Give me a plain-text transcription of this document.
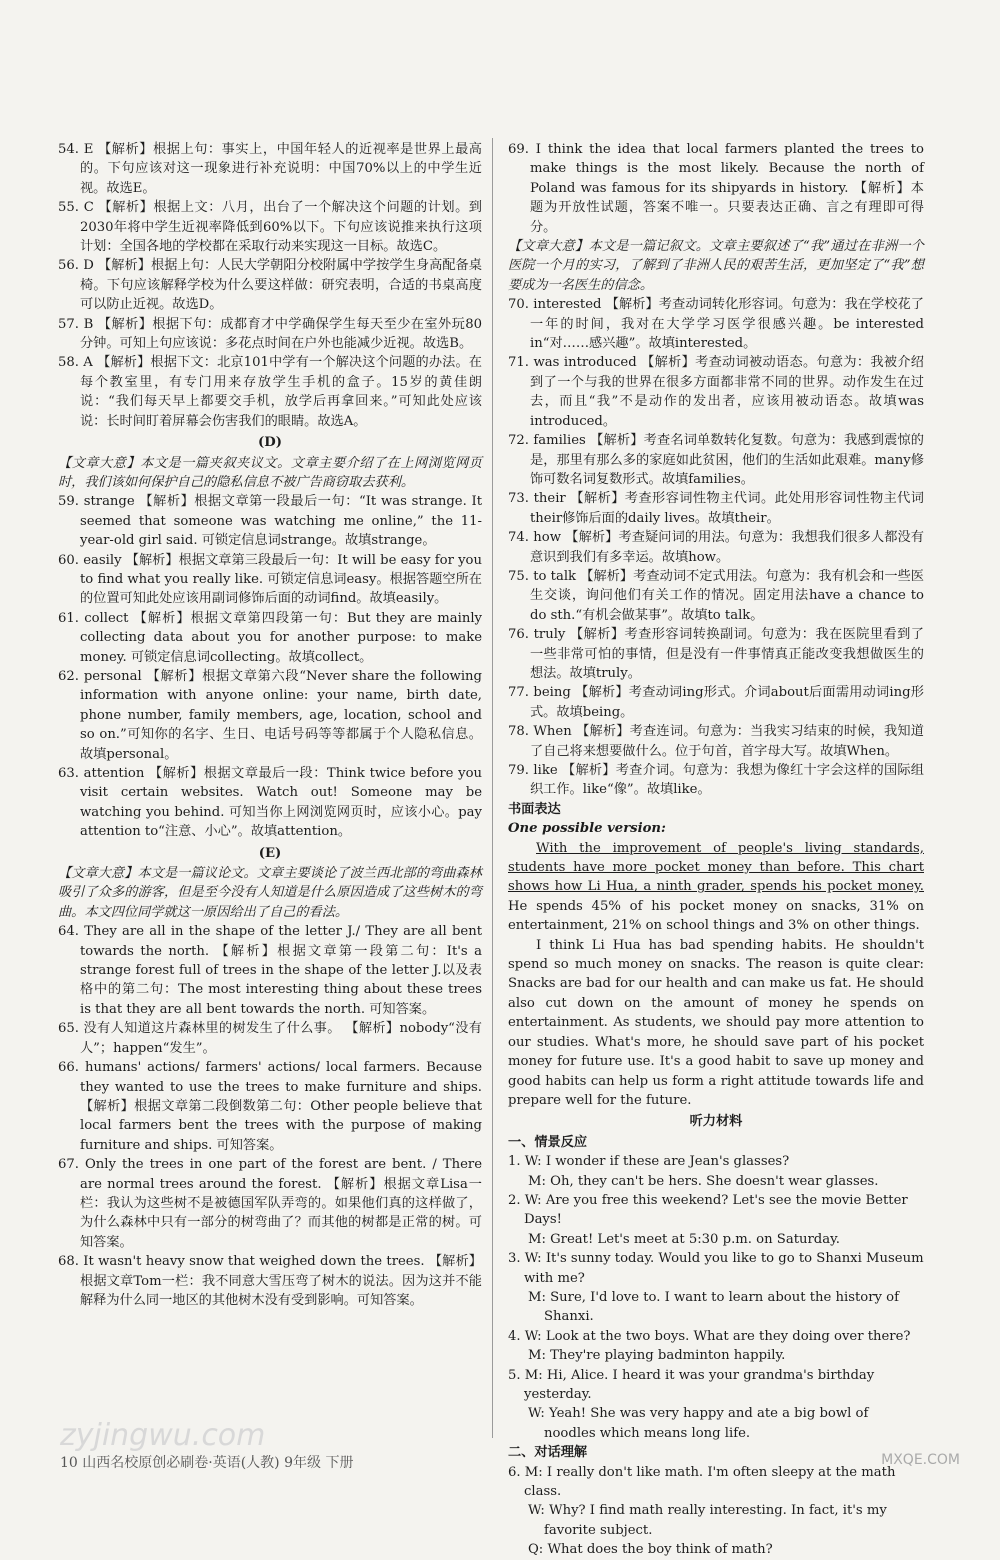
54. E 【解析】根据上句：事实上，中国年轻人的近视率是世界上最高的。下句应该对这一现象进行补充说明：中国70%以上的中学生近视。故选E。

55. C 【解析】根据上文：八月，出台了一个解决这个问题的计划。到2030年将中学生近视率降低到60%以下。下句应该说推来执行这项计划：全国各地的学校都在采取行动来实现这一目标。故选C。

56. D 【解析】根据上句：人民大学朝阳分校附属中学按学生身高配备桌椅。下句应该解释学校为什么要这样做：研究表明，合适的书桌高度可以防止近视。故选D。

57. B 【解析】根据下句：成都育才中学确保学生每天至少在室外玩80分钟。可知上句应该说：多花点时间在户外也能减少近视。故选B。

58. A 【解析】根据下文：北京101中学有一个解决这个问题的办法。在每个教室里，有专门用来存放学生手机的盒子。15岁的黄佳朗说：“我们每天早上都要交手机，放学后再拿回来。”可知此处应该说：长时间盯着屏幕会伤害我们的眼睛。故选A。

(D)

【文章大意】本文是一篇夹叙夹议文。文章主要介绍了在上网浏览网页时，我们该如何保护自己的隐私信息不被广告商窃取去获利。

59. strange 【解析】根据文章第一段最后一句：“It was strange. It seemed that someone was watching me online,” the 11- year-old girl said. 可锁定信息词strange。故填strange。

60. easily 【解析】根据文章第三段最后一句：It will be easy for you to find what you really like. 可锁定信息词easy。根据答题空所在的位置可知此处应该用副词修饰后面的动词find。故填easily。

61. collect 【解析】根据文章第四段第一句：But they are mainly collecting data about you for another purpose: to make money. 可锁定信息词collecting。故填collect。

62. personal 【解析】根据文章第六段“Never share the following information with anyone online: your name, birth date, phone number, family members, age, location, school and so on.”可知你的名字、生日、电话号码等等都属于个人隐私信息。故填personal。

63. attention 【解析】根据文章最后一段：Think twice before you visit certain websites. Watch out! Someone may be watching you behind. 可知当你上网浏览网页时，应该小心。pay attention to“注意、小心”。故填attention。

(E)

【文章大意】本文是一篇议论文。文章主要谈论了波兰西北部的弯曲森林吸引了众多的游客，但是至今没有人知道是什么原因造成了这些树木的弯曲。本文四位同学就这一原因给出了自己的看法。

64. They are all in the shape of the letter J./ They are all bent towards the north. 【解析】根据文章第一段第二句：It's a strange forest full of trees in the shape of the letter J.以及表格中的第二句：The most interesting thing about these trees is that they are all bent towards the north. 可知答案。

65. 没有人知道这片森林里的树发生了什么事。 【解析】nobody“没有人”；happen“发生”。

66. humans' actions/ farmers' actions/ local farmers. Because they wanted to use the trees to make furniture and ships. 【解析】根据文章第二段倒数第二句：Other people believe that local farmers bent the trees with the purpose of making furniture and ships. 可知答案。

67. Only the trees in one part of the forest are bent. / There are normal trees around the forest. 【解析】根据文章Lisa一栏：我认为这些树不是被德国军队弄弯的。如果他们真的这样做了，为什么森林中只有一部分的树弯曲了？而其他的树都是正常的树。可知答案。

68. It wasn't heavy snow that weighed down the trees. 【解析】根据文章Tom一栏：我不同意大雪压弯了树木的说法。因为这并不能解释为什么同一地区的其他树木没有受到影响。可知答案。

69. I think the idea that local farmers planted the trees to make things is the most likely. Because the north of Poland was famous for its shipyards in history. 【解析】本题为开放性试题，答案不唯一。只要表达正确、言之有理即可得分。

【文章大意】本文是一篇记叙文。文章主要叙述了“我”通过在非洲一个医院一个月的实习，了解到了非洲人民的艰苦生活，更加坚定了“我”想要成为一名医生的信念。

70. interested 【解析】考查动词转化形容词。句意为：我在学校花了一年的时间，我对在大学学习医学很感兴趣。be interested in“对……感兴趣”。故填interested。

71. was introduced 【解析】考查动词被动语态。句意为：我被介绍到了一个与我的世界在很多方面都非常不同的世界。动作发生在过去，而且“我”不是动作的发出者，应该用被动语态。故填was introduced。

72. families 【解析】考查名词单数转化复数。句意为：我感到震惊的是，那里有那么多的家庭如此贫困，他们的生活如此艰难。many修饰可数名词复数形式。故填families。

73. their 【解析】考查形容词性物主代词。此处用形容词性物主代词their修饰后面的daily lives。故填their。

74. how 【解析】考查疑问词的用法。句意为：我想我们很多人都没有意识到我们有多幸运。故填how。

75. to talk 【解析】考查动词不定式用法。句意为：我有机会和一些医生交谈，询问他们有关工作的情况。固定用法have a chance to do sth.“有机会做某事”。故填to talk。

76. truly 【解析】考查形容词转换副词。句意为：我在医院里看到了一些非常可怕的事情，但是没有一件事情真正能改变我想做医生的想法。故填truly。

77. being 【解析】考查动词ing形式。介词about后面需用动词ing形式。故填being。

78. When 【解析】考查连词。句意为：当我实习结束的时候，我知道了自己将来想要做什么。位于句首，首字母大写。故填When。

79. like 【解析】考查介词。句意为：我想为像红十字会这样的国际组织工作。like“像”。故填like。

书面表达

One possible version:

With the improvement of people's living standards, students have more pocket money than before. This chart shows how Li Hua, a ninth grader, spends his pocket money. He spends 45% of his pocket money on snacks, 31% on entertainment, 21% on school things and 3% on other things.

I think Li Hua has bad spending habits. He shouldn't spend so much money on snacks. The reason is quite clear: Snacks are bad for our health and can make us fat. He should also cut down on the amount of money he spends on entertainment. As students, we should pay more attention to our studies. What's more, he should save part of his pocket money for future use. It's a good habit to save up money and good habits can help us form a right attitude towards life and prepare well for the future.

听力材料

一、情景反应

1. W: I wonder if these are Jean's glasses?

M: Oh, they can't be hers. She doesn't wear glasses.

2. W: Are you free this weekend? Let's see the movie Better Days!

M: Great! Let's meet at 5:30 p.m. on Saturday.

3. W: It's sunny today. Would you like to go to Shanxi Museum with me?

M: Sure, I'd love to. I want to learn about the history of Shanxi.

4. W: Look at the two boys. What are they doing over there?

M: They're playing badminton happily.

5. M: Hi, Alice. I heard it was your grandma's birthday yesterday.

W: Yeah! She was very happy and ate a big bowl of noodles which means long life.

二、对话理解

6. M: I really don't like math. I'm often sleepy at the math class.

W: Why? I find math really interesting. In fact, it's my favorite subject.

Q: What does the boy think of math?

zyjingwu.com
10 山西名校原创必刷卷·英语(人教) 9年级 下册	MXQE.COM
